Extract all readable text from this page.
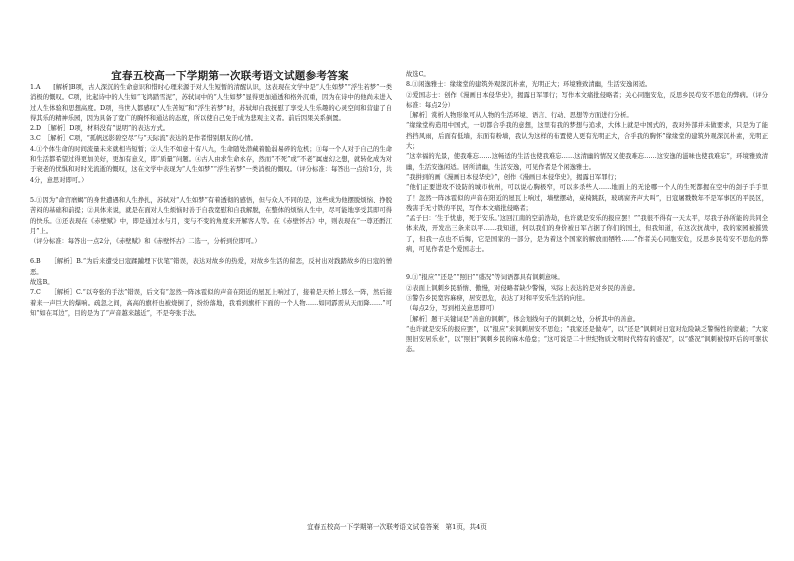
宜春五校高一下学期第一次联考语文试题参考答案

1.A　　[解析]B项，古人深沉的生命意识和惜时心理来源于对人生短暂的清醒认识，这表现在文学中是“人生如梦”“浮生若梦”一类消极的慨叹。C项，比起诗中的人生如“飞鸿踏雪泥”，苏轼词中的“人生如梦”显得更加通透和格外沉重，因为在诗中的他尚未进入过人生体验和思想高度。D项，当世人都感叹“人生苦短”和“浮生若梦”时，苏轼却自我抚慰了享受人生乐趣的心灵空间和营建了自得其乐的精神乐园，因为具备了宽广的胸怀和通达的态度，所以使自己免于成为悲观主义者。前后因果关系倒置。

2.D　［解析］D项，材料没有“说明”的表达方式。

3.C　［解析］C项，“孤帆远影碧空尽”与“天际流”表达的是作者惜别朋友的心情。

4.①个体生命的时间流量未来就相当短暂；②人生不如意十有八九，生命随处潜藏着脆弱易碎的危机；③每一个人对于自己的生命和生活都希望过得更加美好，更加有意义，即“质量”问题。④古人由求生命永存，然而“不死”或“不老”属虚幻之想，就转化成为对于衰老的忧惧和对时光流逝的慨叹，这在文学中表现为“人生如梦”“浮生若梦”一类消极的慨叹。（评分标准：每答出一点给1分，共4分，意思对即可。）

5.①因为“命宫磨蝎”的身世遭遇和人生挣扎，苏轼对“人生如梦”有着透彻的感悟，但与众人不同的是，这些成为他摆脱烦恼、挣脱苦闷的基础和前提；②具体来说，就是在面对人生烦恼时善于自我宽慰和自我解脱，在整体的烦恼人生中，尽可能地享受其即可得的快乐。③还表现在《赤壁赋》中，即是通过水与月，变与不变的角度来开解客人等。在《赤壁怀古》中，则表现在“一尊还酹江月”上。

（评分标准：每答出一点2分，《赤壁赋》和《赤壁怀古》二选一，分析到位即可。）

6.B　　［解析］B.“为后来遭受日寇蹂躏埋下伏笔”错误，表达对故乡的热爱，对故乡生活的留恋，反衬出对践踏故乡的日寇的憎恶。

故选B。

7.C　　［解析］C.“以夸张的手法”错误，后文有“忽然一阵冰雹似的声音在阳近的屋瓦上响过了，接着是天桥上那么一阵，然后接着来一声巨大的爆响。疏忽之间，高高的旗杆也被烧倒了，纷纷落地，我看到旗杆下面的一个人物……如同霹雳从天而降……”可知“如在耳边”，目的是为了“声音越来越近”，不是夸张手法。

故选C。

8.①闲逸雅士：缘缘堂的建筑外观深沉朴素，光明正大；环境雅致清幽，生活安逸闲适。

②爱国志士：创作《漫画日本侵华史》，揭露日军罪行；写作本文痛批侵略者；关心同胞安危，反思乡民苟安不思危的弊病。（评分标准：每点2分）

［解析］赏析人物形象可从人物的生活环境、语言、行动、思想等方面进行分析。

“缘缘堂构造用中国式，一切都合乎我的意想，这里有我的梦想与追求，大体上就是中国式的，我对外部并未做要求，只是为了能挡挡风雨，后面有低墙，东面有粉墙，我认为这样的布置使人更有光明正大，合乎我的胸怀”缘缘堂的建筑外观深沉朴素，光明正大；

“这幸福的光景，使我难忘……这畅适的生活也使我难忘……这清幽的情况又使我难忘……这安逸的滋味也使我难忘”，环境雅致清幽，生活安逸闲适。居所清幽，生活安逸，可见作者是个闲逸雅士。

“我拼到的画《漫画日本侵华史》”，创作《漫画日本侵华史》，揭露日军罪行；

“他们正要进攻不设防的城市杭州，可以说心胸极窄，可以多杀些人……地面上的无论哪一个人的生死都握在空中的刽子手手里了！忽然一阵冰雹似的声音在阳近的屋瓦上响过，墙壁摆动，桌椅跳跃，玻璃窗齐声大叫”，日寇屠戮数年不是军事区的平民区，残害手无寸铁的平民，写作本文痛批侵略者；

“孟子曰：‘生于忧患，死于安乐。’这回江南的空前浩劫，也许就是安乐的报应罢！”“我很不得有一天太平，尽我子孙所能的共同全体来战，开发出三条来以平……我知道，何以我们的身价被日军占据了你们的国土，但我知道，在这次抗战中，我的家园被摧毁了，但我一点也不后悔，它是国家的一部分，是为着这个国家的解放而牺牲……”作者关心同胞安危，反思乡民苟安不思危的弊病，可见作者是个爱国志士。

9.①“报应”“还是”“照旧”“盛况”等词语都具有讽刺意味。

②表面上讽刺乡民骄惰、傲慢，对侵略者缺少警惕，实际上表达的是对乡民的善意。

③警告乡民宽容麻痹，居安思危，表达了对和平安乐生活的向往。

（每点2分，写到相关意思即可）

［解析］题干关键词是“善意的讽刺”，体会划线句子的讽刺之处，分析其中的善意。

“也许就是安乐的报应罢”，以“报应”来讽刺居安不思危；“我家还是做寿”，以“还是”讽刺对日寇对危险缺乏警惕性的蒙蔽；“大家照旧安居乐业”，以“照旧”讽刺乡民的麻木倦怠；“这可说是二十世纪物质文明时代特有的盛况”，以“盛况”讽刺被惊吓后的可驱状态。

宜春五校高一下学期第一次联考语文试卷答案　第1页，共4页
